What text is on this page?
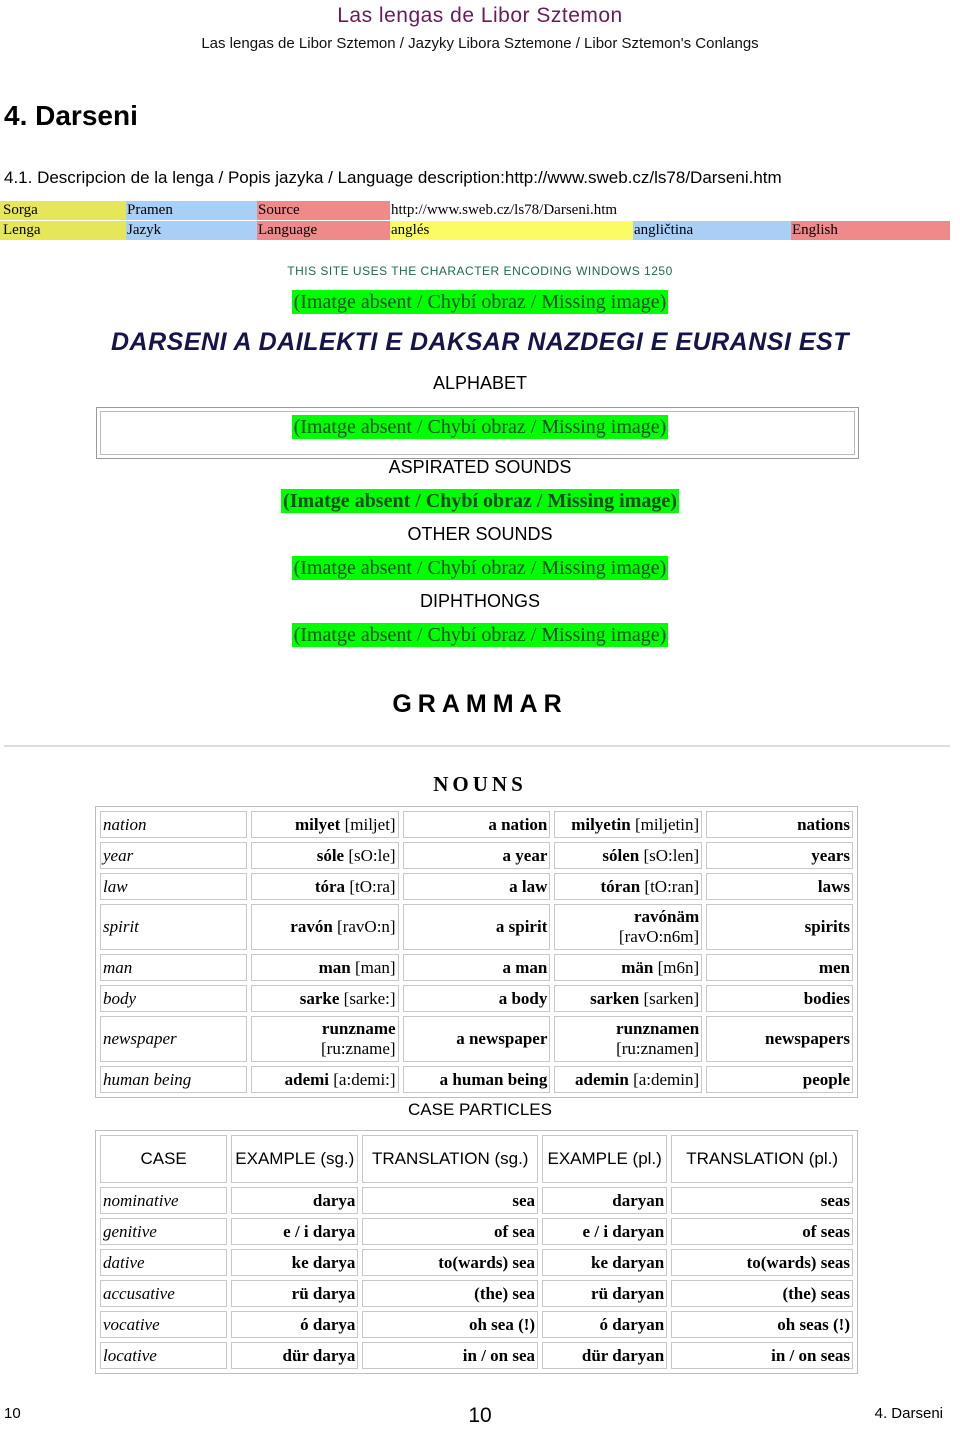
Las lengas de Libor Sztemon
Las lengas de Libor Sztemon / Jazyky Libora Sztemone / Libor Sztemon's Conlangs
4. Darseni
4.1. Descripcion de la lenga / Popis jazyka / Language description:http://www.sweb.cz/ls78/Darseni.htm
Sorga	Pramen	Source	http://www.sweb.cz/ls78/Darseni.htm
Lenga	Jazyk	Language	anglés	angličtina	English
THIS SITE USES THE CHARACTER ENCODING WINDOWS 1250
(Imatge absent / Chybí obraz / Missing image)
DARSENI A DAILEKTI E DAKSAR NAZDEGI E EURANSI EST
ALPHABET
(Imatge absent / Chybí obraz / Missing image)
ASPIRATED SOUNDS
(Imatge absent / Chybí obraz / Missing image)
OTHER SOUNDS
(Imatge absent / Chybí obraz / Missing image)
DIPHTHONGS
(Imatge absent / Chybí obraz / Missing image)
GRAMMAR
NOUNS
nation	milyet [miljet]	a nation	milyetin [miljetin]	nations
year	sóle [sO:le]	a year	sólen [sO:len]	years
law	tóra [tO:ra]	a law	tóran [tO:ran]	laws
spirit	ravón [ravO:n]	a spirit	ravónäm [ravO:n6m]	spirits
man	man [man]	a man	män [m6n]	men
body	sarke [sarke:]	a body	sarken [sarken]	bodies
newspaper	runzname [ru:zname]	a newspaper	runznamen [ru:znamen]	newspapers
human being	ademi [a:demi:]	a human being	ademin [a:demin]	people
CASE PARTICLES
CASE	EXAMPLE (sg.)	TRANSLATION (sg.)	EXAMPLE (pl.)	TRANSLATION (pl.)
nominative	darya	sea	daryan	seas
genitive	e / i darya	of sea	e / i daryan	of seas
dative	ke darya	to(wards) sea	ke daryan	to(wards) seas
accusative	rü darya	(the) sea	rü daryan	(the) seas
vocative	ó darya	oh sea (!)	ó daryan	oh seas (!)
locative	dür darya	in / on sea	dür daryan	in / on seas
10	10	4. Darseni
